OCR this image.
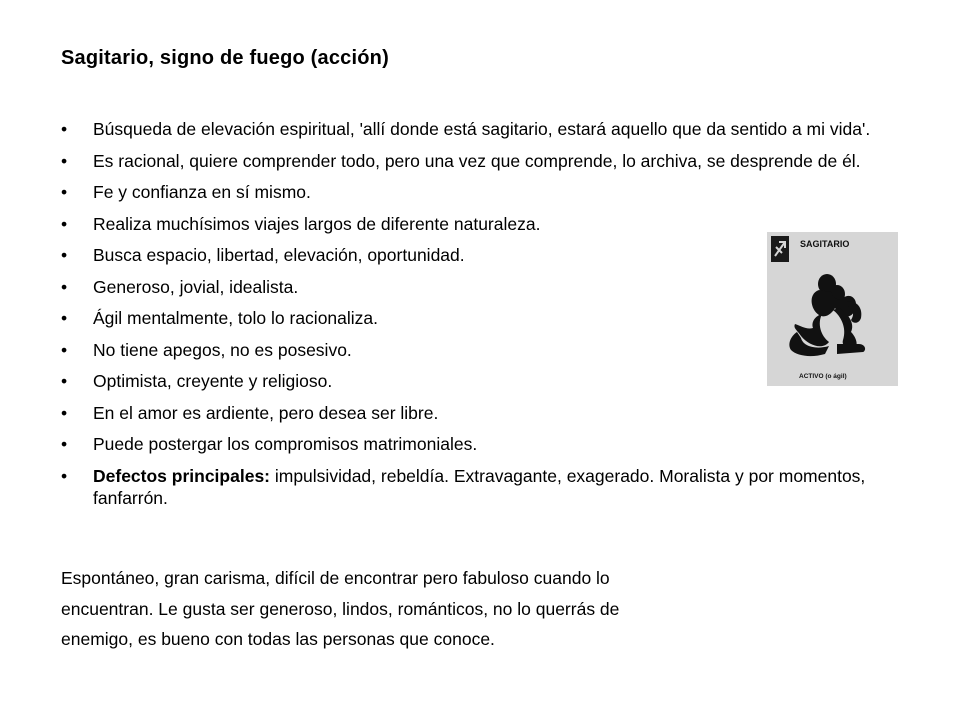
Sagitario, signo de fuego (acción)
• Búsqueda de elevación espiritual, 'allí donde está sagitario, estará aquello que da sentido a mi vida'.
• Es racional, quiere comprender todo, pero una vez que comprende, lo archiva, se desprende de él.
• Fe y confianza en sí mismo.
• Realiza muchísimos viajes largos de diferente naturaleza.
• Busca espacio, libertad, elevación, oportunidad.
• Generoso, jovial, idealista.
• Ágil mentalmente, tolo lo racionaliza.
• No tiene apegos, no es posesivo.
• Optimista, creyente y religioso.
• En el amor es ardiente, pero desea ser libre.
• Puede postergar los compromisos matrimoniales.
• Defectos principales: impulsividad, rebeldía. Extravagante, exagerado. Moralista y por momentos, fanfarrón.
Espontáneo, gran carisma, difícil de encontrar pero fabuloso cuando lo
encuentran. Le gusta ser generoso, lindos, románticos, no lo querrás de
enemigo, es bueno con todas las personas que conoce.
SAGITARIO
ACTIVO (o ágil)
